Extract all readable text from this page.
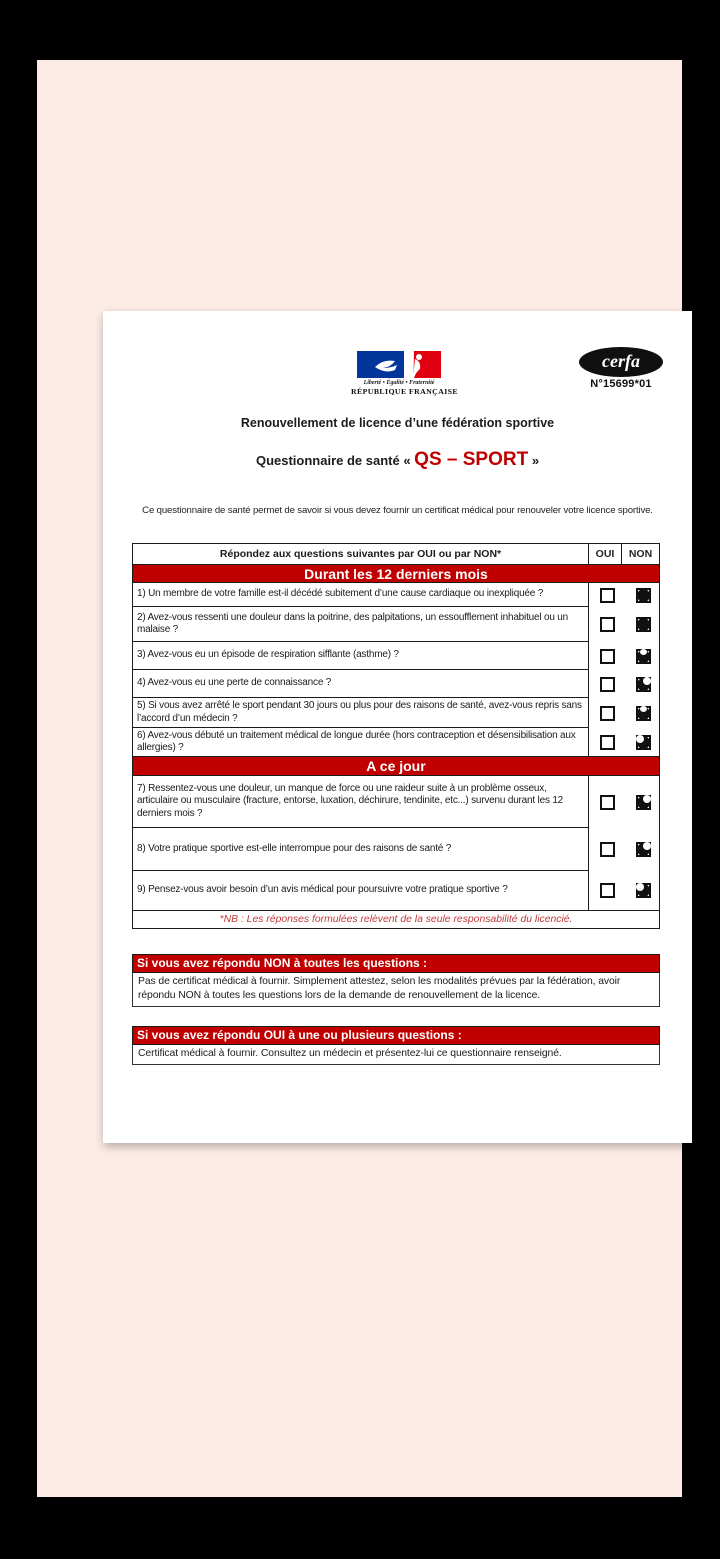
Liberté • Égalité • Fraternité
RÉPUBLIQUE FRANÇAISE
cerfa
N°15699*01
Renouvellement de licence d’une fédération sportive
Questionnaire de santé « QS – SPORT »
Ce questionnaire de santé permet de savoir si vous devez fournir un certificat médical pour renouveler votre licence sportive.
Répondez aux questions suivantes par OUI ou par NON*	OUI	NON
Durant les 12 derniers mois
1) Un membre de votre famille est-il décédé subitement d’une cause cardiaque ou inexpliquée ?
2) Avez-vous ressenti une douleur dans la poitrine, des palpitations, un essoufflement inhabituel ou un malaise ?
3) Avez-vous eu un épisode de respiration sifflante (asthme) ?
4) Avez-vous eu une perte de connaissance ?
5) Si vous avez arrêté le sport pendant 30 jours ou plus pour des raisons de santé, avez-vous repris sans l’accord d’un médecin ?
6) Avez-vous débuté un traitement médical de longue durée (hors contraception et désensibilisation aux allergies) ?
A ce jour
7) Ressentez-vous une douleur, un manque de force ou une raideur suite à un problème osseux, articulaire ou musculaire (fracture, entorse, luxation, déchirure, tendinite, etc...) survenu durant les 12 derniers mois ?
8) Votre pratique sportive est-elle interrompue pour des raisons de santé ?
9) Pensez-vous avoir besoin d’un avis médical pour poursuivre votre pratique sportive ?
*NB : Les réponses formulées relèvent de la seule responsabilité du licencié.
Si vous avez répondu NON à toutes les questions :
Pas de certificat médical à fournir. Simplement attestez, selon les modalités prévues par la fédération, avoir répondu NON à toutes les questions lors de la demande de renouvellement de la licence.
Si vous avez répondu OUI à une ou plusieurs questions :
Certificat médical à fournir. Consultez un médecin et présentez-lui ce questionnaire renseigné.
